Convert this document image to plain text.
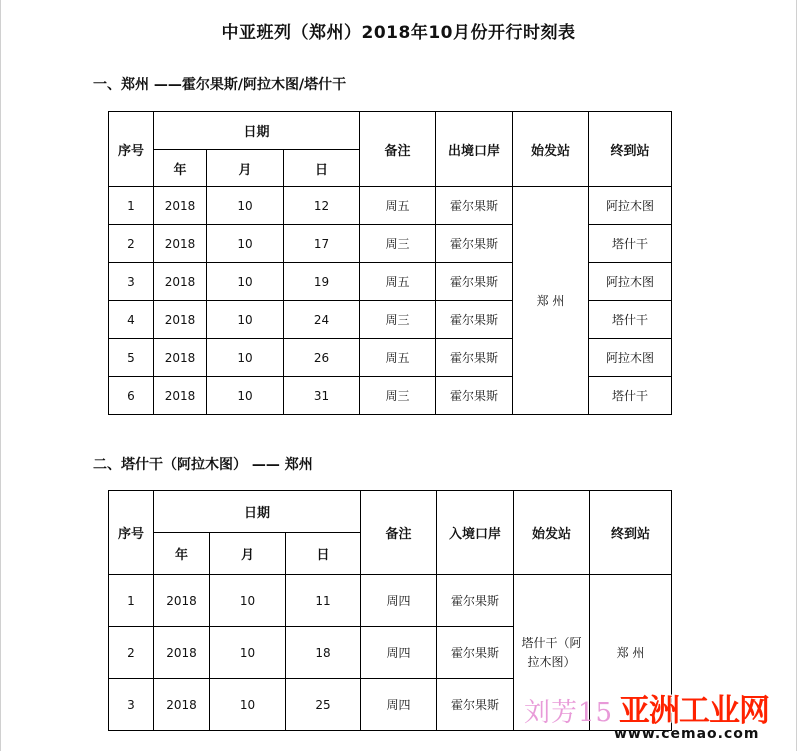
中亚班列（郑州）2018年10月份开行时刻表

一、郑州 ——霍尔果斯/阿拉木图/塔什干

序号	日期			备注	出境口岸	始发站	终到站
	年	月	日				
1	2018	10	12	周五	霍尔果斯	郑 州	阿拉木图
2	2018	10	17	周三	霍尔果斯		塔什干
3	2018	10	19	周五	霍尔果斯		阿拉木图
4	2018	10	24	周三	霍尔果斯		塔什干
5	2018	10	26	周五	霍尔果斯		阿拉木图
6	2018	10	31	周三	霍尔果斯		塔什干

二、塔什干（阿拉木图） —— 郑州

序号	日期			备注	入境口岸	始发站	终到站
	年	月	日				
1	2018	10	11	周四	霍尔果斯	塔什干（阿拉木图）	郑 州
2	2018	10	18	周四	霍尔果斯		
3	2018	10	25	周四	霍尔果斯		刘芳15 亚洲工业网
www.cemao.com
